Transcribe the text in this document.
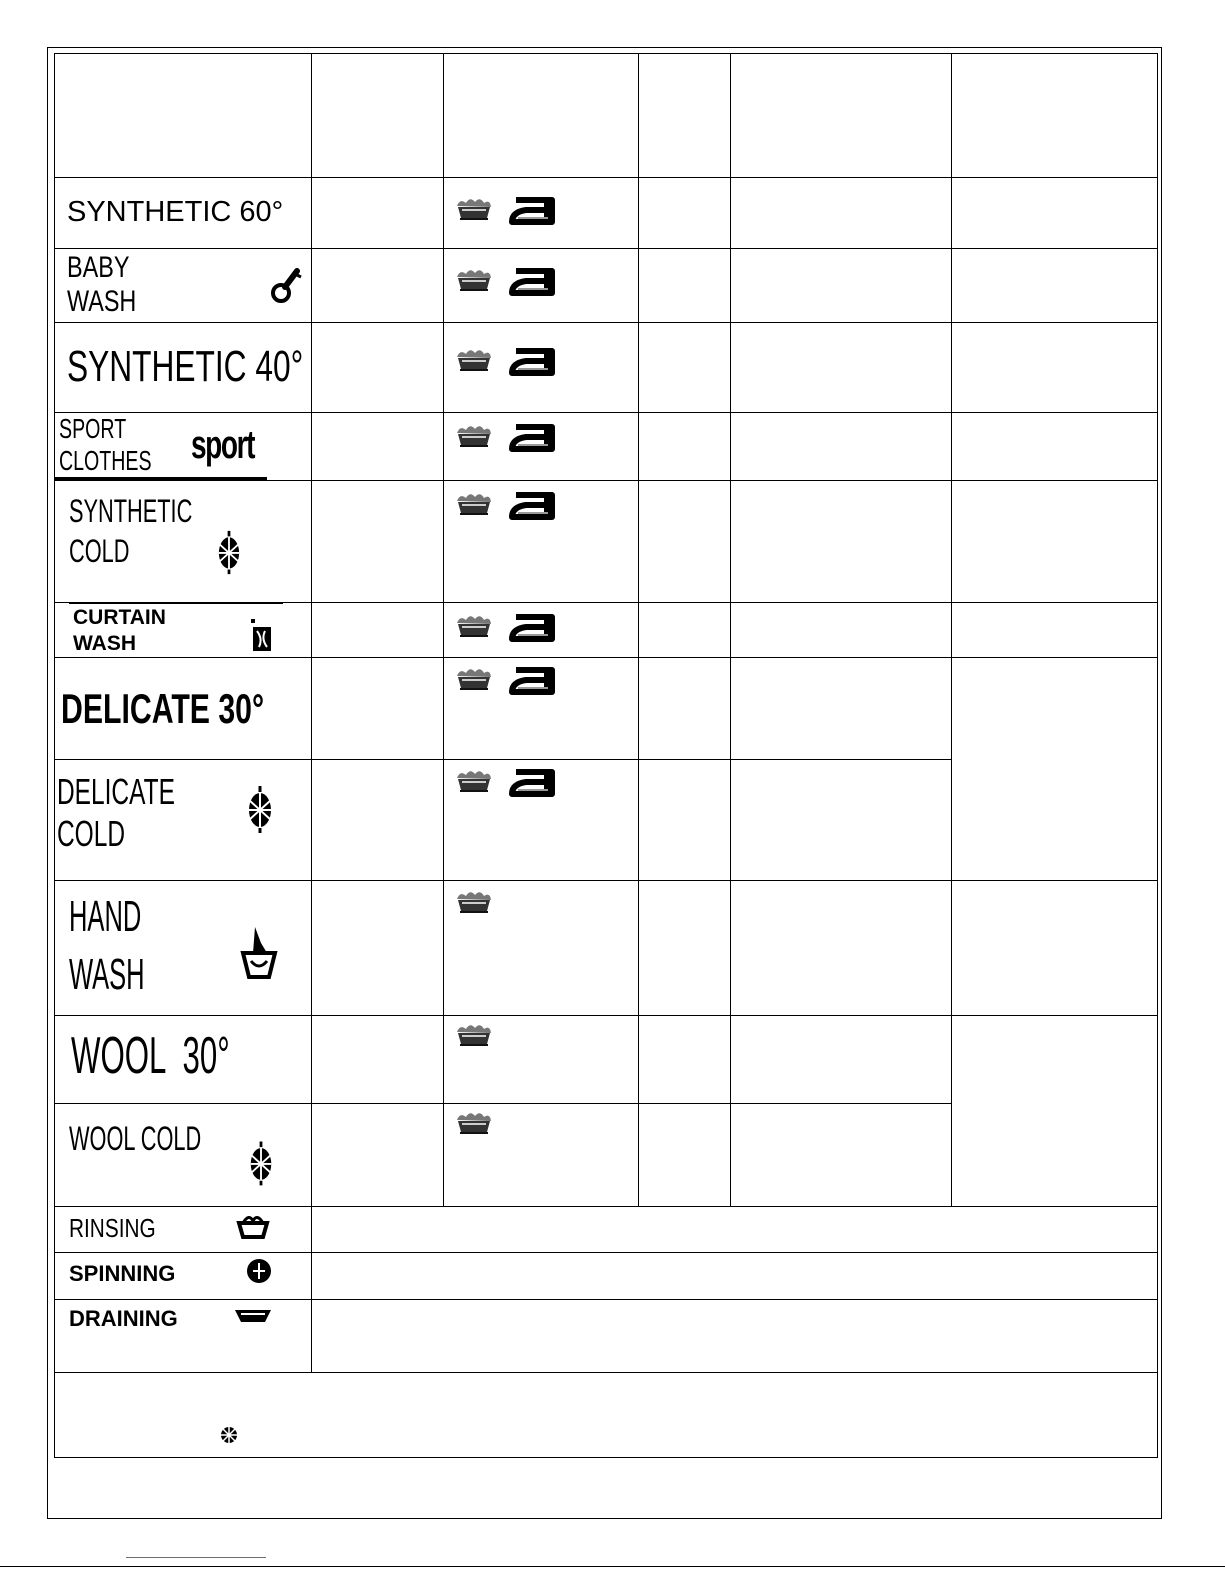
SYNTHETIC 60°

BABY
WASH

SYNTHETIC 40°

SPORT
CLOTHES sport

SYNTHETIC
COLD

CURTAIN
WASH

DELICATE 30°

DELICATE
COLD

HAND
WASH

WOOL  30°

WOOL COLD

RINSING					

SPINNING					

DRAINING					
